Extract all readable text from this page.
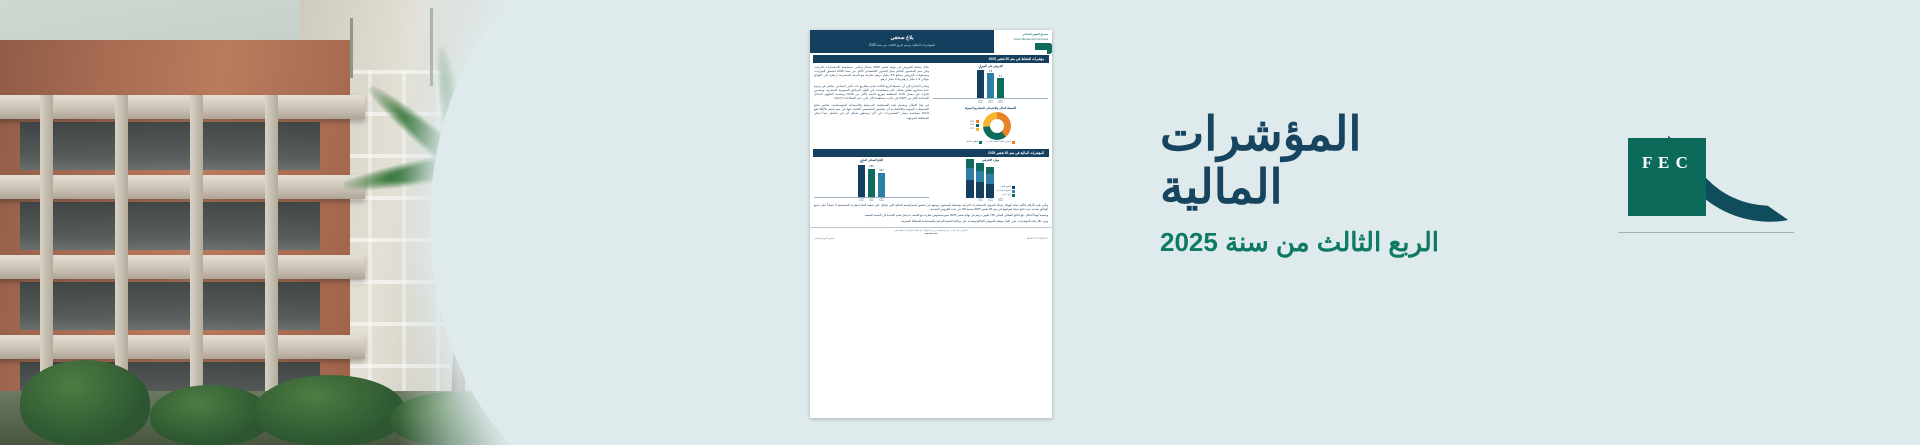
صندوق التجهيز الجماعي
Fonds d'Équipement Communal
بلاغ صحفي
المؤشرات المالية برسم الربع الثالث من سنة 2025
مؤشرات النشاط في متم 30 شتنبر 2025
القروض على الميزان
3,1
3,6
3,8
شتنبر 2023
شتنبر 2024
شتنبر 2025
الحصيلة المالي والاجتماعي للمشاريع الممولة
30%
27%
17%
تحسين المياه الصالحة للشرب
التطهير السائل

خلال نشاط القروض في نهاية شتنبر 2025 بشكل إيجابي بمساهمة الاستثمارات الترابية، وفي متم المستوى القائم يمثل القانون الاقتصادي الأقل من سنة 2025 لتحقيق التوازنات ومستويات القروض بمبالغ 3.8 مليار درهم مقارنة مع السنة المنصرمة ارتفاع على النواتج حوالي 1.2 مليار درهم و9.4 مليار درهم.

وتجدر الإشارة إلى أن حصيلة الربع الثالث تقدم مشاريع ذات تأثير اجتماعي مباشر في وتيرة عدة مشاريع تتعلق بشكل عام بمساهمات في تأهيل المرافق العمومية الحضرية، وتحسين التزايد في معدل الأداء المتعلقة بتوزيع المياه (أكثر من 30%) وبخدمة التطهير السائل للجماعة (أقل من 27%) في جانب مساهمة الأثر على دعم القطاعات (17%).

في هذا الإطار، ويشمل هذه المساهمة المرجعية والاستجابة المؤسساتية، تعكس نتائج التحسينات البنيوية والاقتصادية أن مقاييس التشخيص الناتجة عنها في متم شتنبر 2025 تبلغ 4.6% مساهمة مسار "المشتريات" في "أو" ويتحقق بشكل أثر في مخاطر مبدأ تمكن المحافظ الموجهة.

المؤشرات المالية في متم 30 شتنبر 2025
موارد الاقتراض
السوق المالي
التمويلات الخارجية
موارد أخرى
شتنبر 2023
شتنبر 2024
شتنبر 2025
الناتج الصافي البنكي
620
690
750
شتنبر 2023
شتنبر 2024
شتنبر 2025

وتأتي هذه الأرقام لتأكيد متانة الهيكل شبكة التمويل الاستثمارات الترابية بواسطة المستوى موجهة في تحقيق استراتيجيته المالية التي تشكل على صعيد البناء لمقاربة المستجيبة لا حساباً على جميع الوثائق بتحديد حيث تتابع حملة لمواجهة في متم 30 شتنبر 2025 بنسبة 9% من حيث القروض الجديدة.

وبنسبة أنهنا الابتكار، بلغ الناتج الصافي البنكي 750 مليون درهم في نهاية شتنبر 2025 بنمو محسوس مقارنة مع السنة، ما يمثل تقدم الخدمة في النسبة المعنية.

ومن خلال هذه المؤشرات، يعزز البنك موقعه التمويلي للتكافؤ وتجديد على مواكبة التنمية الترابية والمستدامة للمملكة المغربية.

للحصول على المزيد من المعلومات يرجى التواصل مع مصلحة التواصل المؤسساتي
www.fec.ma
+212 (0) 5 37 57 00 00
صندوق التجهيز الجماعي
المؤشرات
المالية
الربع الثالث من سنة 2025
F E C
